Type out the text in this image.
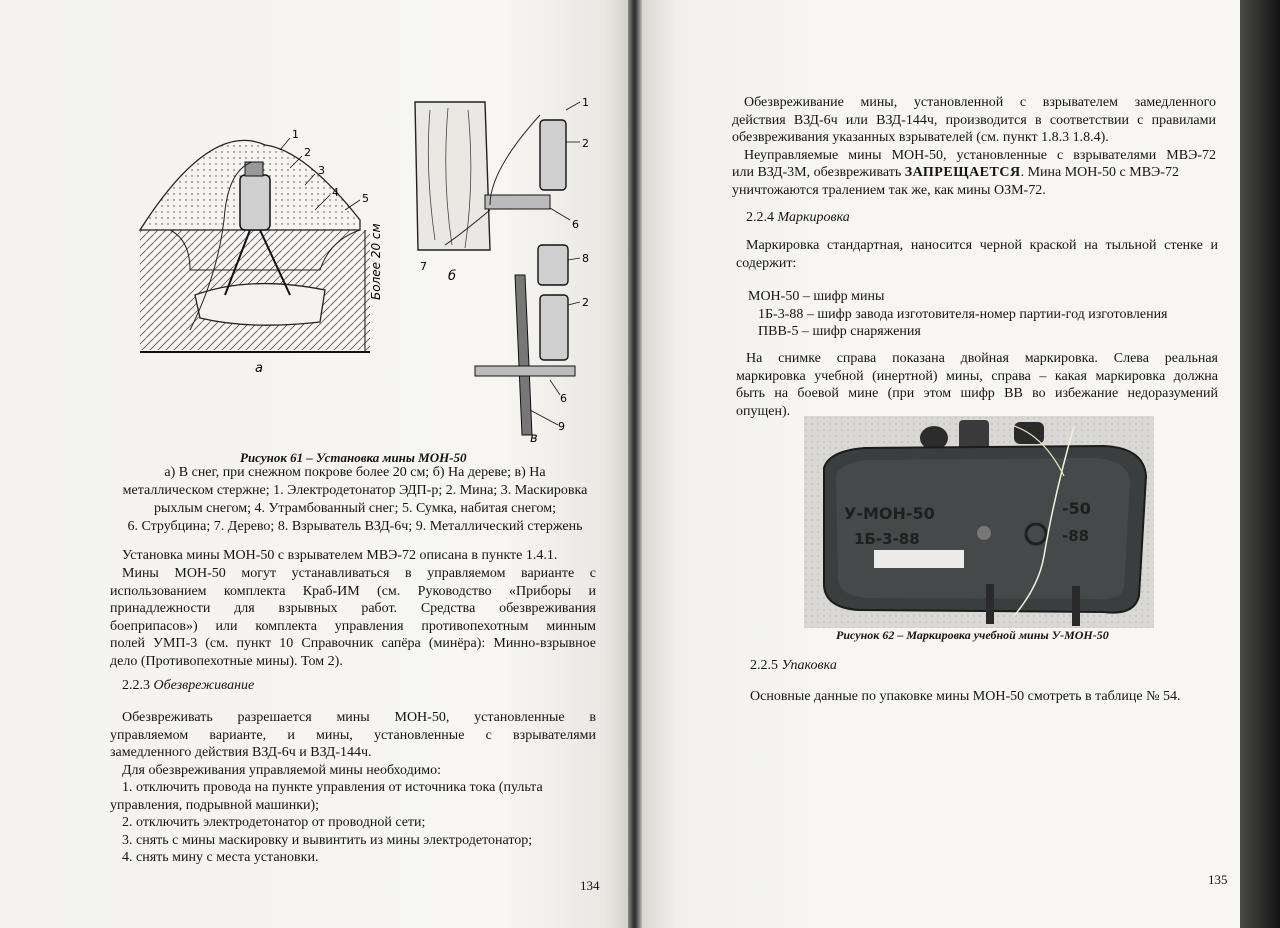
Более 20 см
1
2
3
4 5
а
1
2
6
7
б
8
2
6
9
в
Рисунок 61 – Установка мины МОН-50
а) В снег, при снежном покрове более 20 см; б) На дереве; в) На
металлическом стержне; 1. Электродетонатор ЭДП-р; 2. Мина; 3. Маскировка
рыхлым снегом; 4. Утрамбованный снег; 5. Сумка, набитая снегом;
6. Струбцина; 7. Дерево; 8. Взрыватель ВЗД-6ч; 9. Металлический стержень
Установка мины МОН-50 с взрывателем МВЭ-72 описана в пункте 1.4.1.
Мины МОН-50 могут устанавливаться в управляемом варианте с
использованием комплекта Краб-ИМ (см. Руководство «Приборы и
принадлежности для взрывных работ. Средства обезвреживания
боеприпасов») или комплекта управления противопехотным минным
полей УМП-3 (см. пункт 10 Справочник сапёра (минёра): Минно-взрывное
дело (Противопехотные мины). Том 2).
2.2.3 Обезвреживание
Обезвреживать разрешается мины МОН-50, установленные в
управляемом варианте, и мины, установленные с взрывателями
замедленного действия ВЗД-6ч и ВЗД-144ч.
Для обезвреживания управляемой мины необходимо:
1. отключить провода на пункте управления от источника тока (пульта
управления, подрывной машинки);
2. отключить электродетонатор от проводной сети;
3. снять с мины маскировку и вывинтить из мины электродетонатор;
4. снять мину с места установки.
134
Обезвреживание мины, установленной с взрывателем замедленного
действия ВЗД-6ч или ВЗД-144ч, производится в соответствии с правилами
обезвреживания указанных взрывателей (см. пункт 1.8.3 1.8.4).
Неуправляемые мины МОН-50, установленные с взрывателями МВЭ-72
или ВЗД-3М, обезвреживать ЗАПРЕЩАЕТСЯ. Мина МОН-50 с МВЭ-72
уничтожаются тралением так же, как мины ОЗМ-72.
2.2.4 Маркировка
Маркировка стандартная, наносится черной краской на тыльной стенке и
содержит:
МОН-50 – шифр мины
1Б-3-88 – шифр завода изготовителя-номер партии-год изготовления
ПВВ-5 – шифр снаряжения
На снимке справа показана двойная маркировка. Слева реальная
маркировка учебной (инертной) мины, справа – какая маркировка должна
быть на боевой мине (при этом шифр ВВ во избежание недоразумений
опущен).
У-МОН-50
1Б-3-88
-50
-88
Рисунок 62 – Маркировка учебной мины У-МОН-50
2.2.5 Упаковка
Основные данные по упаковке мины МОН-50 смотреть в таблице № 54.
135
